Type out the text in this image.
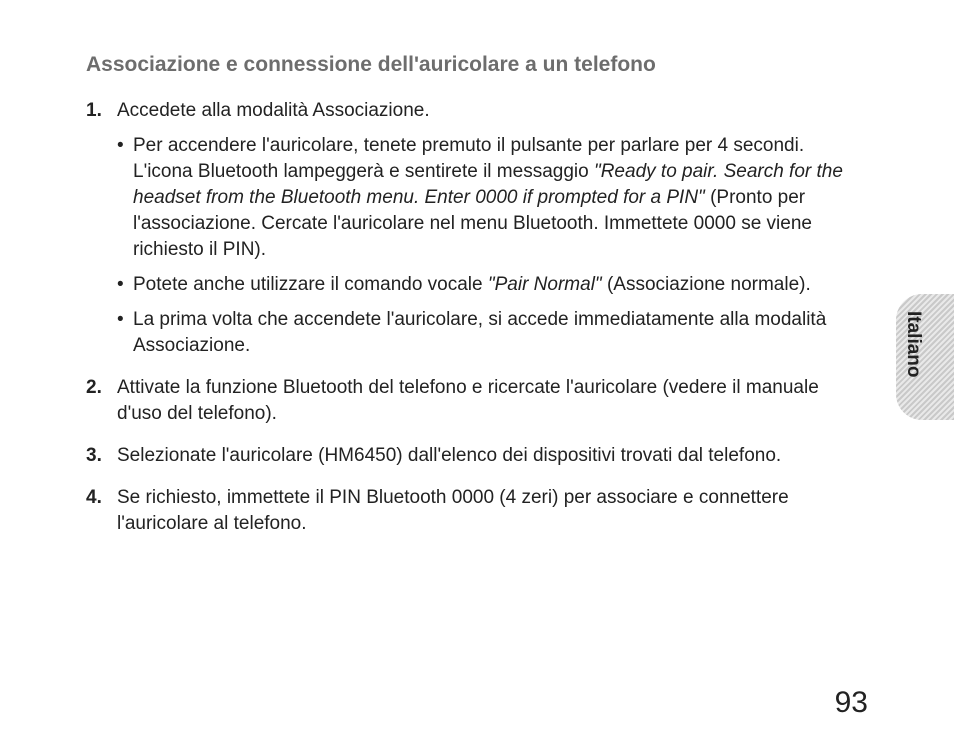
Associazione e connessione dell'auricolare a un telefono
1. Accedete alla modalità Associazione.
• Per accendere l'auricolare, tenete premuto il pulsante per parlare per 4 secondi. L'icona Bluetooth lampeggerà e sentirete il messaggio "Ready to pair. Search for the headset from the Bluetooth menu. Enter 0000 if prompted for a PIN" (Pronto per l'associazione. Cercate l'auricolare nel menu Bluetooth. Immettete 0000 se viene richiesto il PIN).
• Potete anche utilizzare il comando vocale "Pair Normal" (Associazione normale).
• La prima volta che accendete l'auricolare, si accede immediatamente alla modalità Associazione.
2. Attivate la funzione Bluetooth del telefono e ricercate l'auricolare (vedere il manuale d'uso del telefono).
3. Selezionate l'auricolare (HM6450) dall'elenco dei dispositivi trovati dal telefono.
4. Se richiesto, immettete il PIN Bluetooth 0000 (4 zeri) per associare e connettere l'auricolare al telefono.
Italiano
93
